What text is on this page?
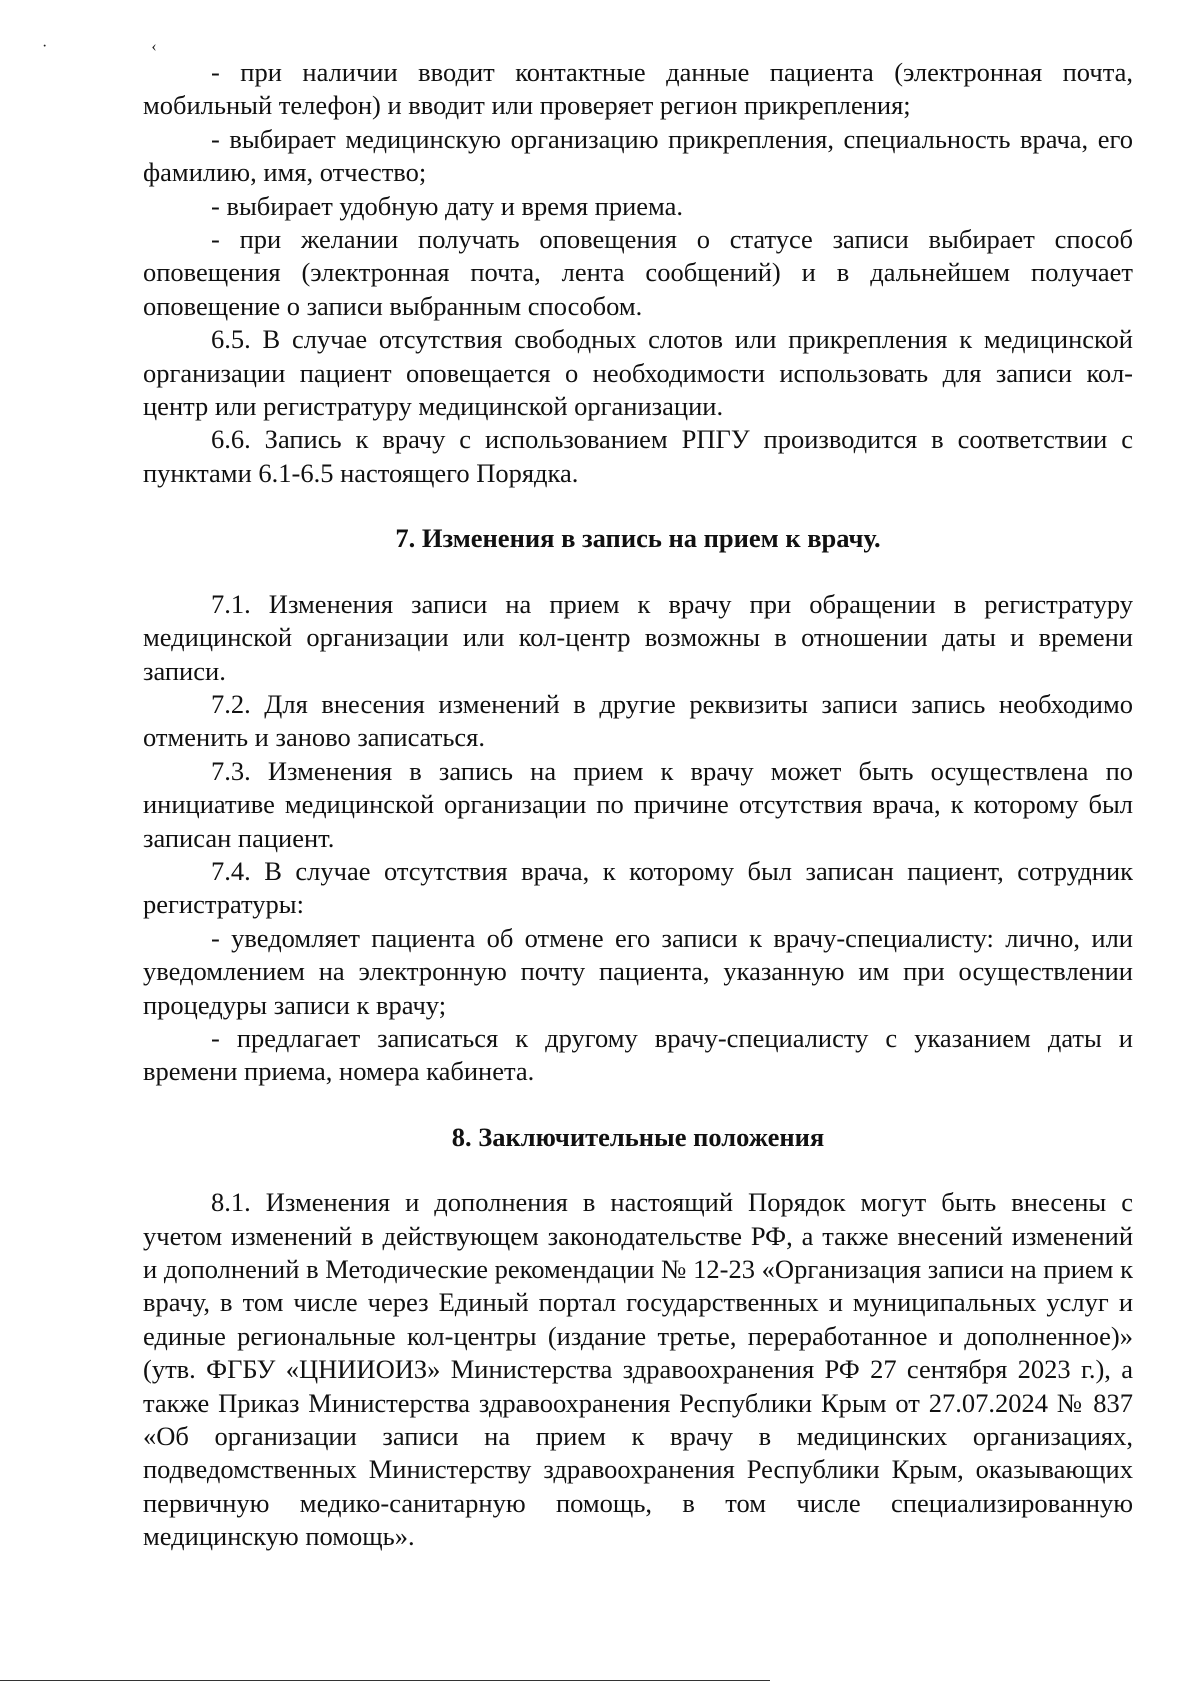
· ‹

- при наличии вводит контактные данные пациента (электронная почта, мобильный телефон) и вводит или проверяет регион прикрепления;

- выбирает медицинскую организацию прикрепления, специальность врача, его фамилию, имя, отчество;

- выбирает удобную дату и время приема.

- при желании получать оповещения о статусе записи выбирает способ оповещения (электронная почта, лента сообщений) и в дальнейшем получает оповещение о записи выбранным способом.

6.5. В случае отсутствия свободных слотов или прикрепления к медицинской организации пациент оповещается о необходимости использовать для записи кол-центр или регистратуру медицинской организации.

6.6. Запись к врачу с использованием РПГУ производится в соответствии с пунктами 6.1-6.5 настоящего Порядка.

7. Изменения в запись на прием к врачу.

7.1. Изменения записи на прием к врачу при обращении в регистратуру медицинской организации или кол-центр возможны в отношении даты и времени записи.

7.2. Для внесения изменений в другие реквизиты записи запись необходимо отменить и заново записаться.

7.3. Изменения в запись на прием к врачу может быть осуществлена по инициативе медицинской организации по причине отсутствия врача, к которому был записан пациент.

7.4. В случае отсутствия врача, к которому был записан пациент, сотрудник регистратуры:

- уведомляет пациента об отмене его записи к врачу-специалисту: лично, или уведомлением на электронную почту пациента, указанную им при осуществлении процедуры записи к врачу;

- предлагает записаться к другому врачу-специалисту с указанием даты и времени приема, номера кабинета.

8. Заключительные положения

8.1. Изменения и дополнения в настоящий Порядок могут быть внесены с учетом изменений в действующем законодательстве РФ, а также внесений изменений и дополнений в Методические рекомендации № 12-23 «Организация записи на прием к врачу, в том числе через Единый портал государственных и муниципальных услуг и единые региональные кол-центры (издание третье, переработанное и дополненное)» (утв. ФГБУ «ЦНИИОИЗ» Министерства здравоохранения РФ 27 сентября 2023 г.), а также Приказ Министерства здравоохранения Республики Крым от 27.07.2024 № 837 «Об организации записи на прием к врачу в медицинских организациях, подведомственных Министерству здравоохранения Республики Крым, оказывающих первичную медико-санитарную помощь, в том числе специализированную медицинскую помощь».
